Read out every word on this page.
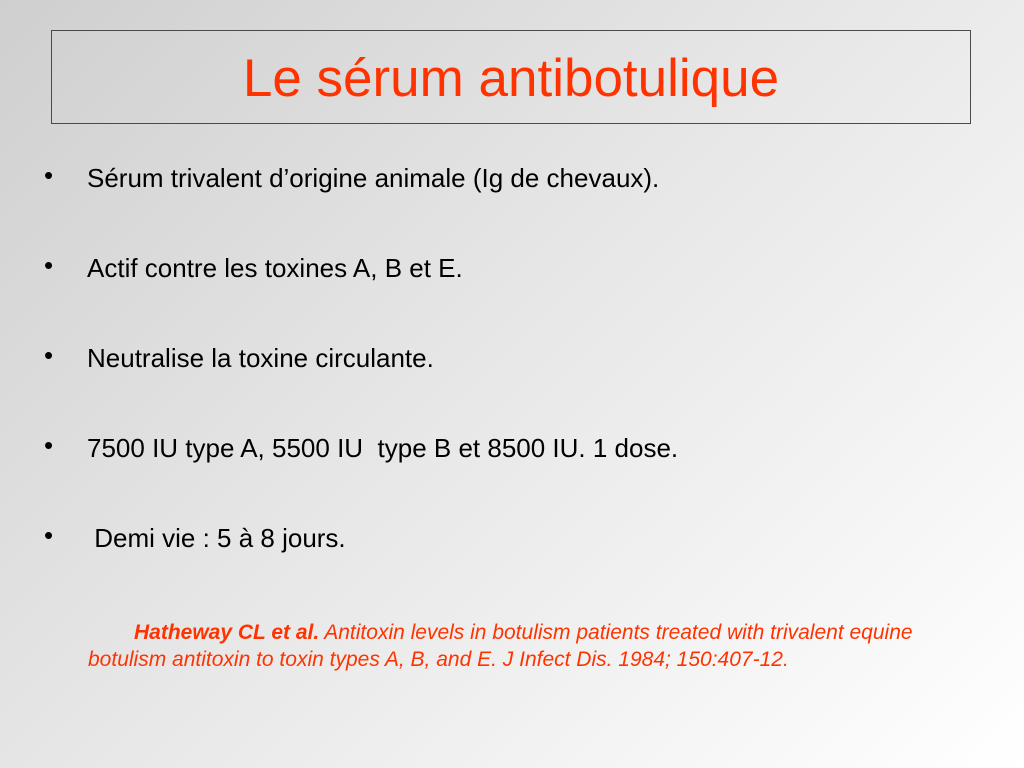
Le sérum antibotulique
•	Sérum trivalent d’origine animale (Ig de chevaux).
•	Actif contre les toxines A, B et E.
•	Neutralise la toxine circulante.
•	7500 IU type A, 5500 IU  type B et 8500 IU. 1 dose.
•	Demi vie : 5 à 8 jours.
Hatheway CL et al. Antitoxin levels in botulism patients treated with trivalent equine botulism antitoxin to toxin types A, B, and E. J Infect Dis. 1984; 150:407-12.
